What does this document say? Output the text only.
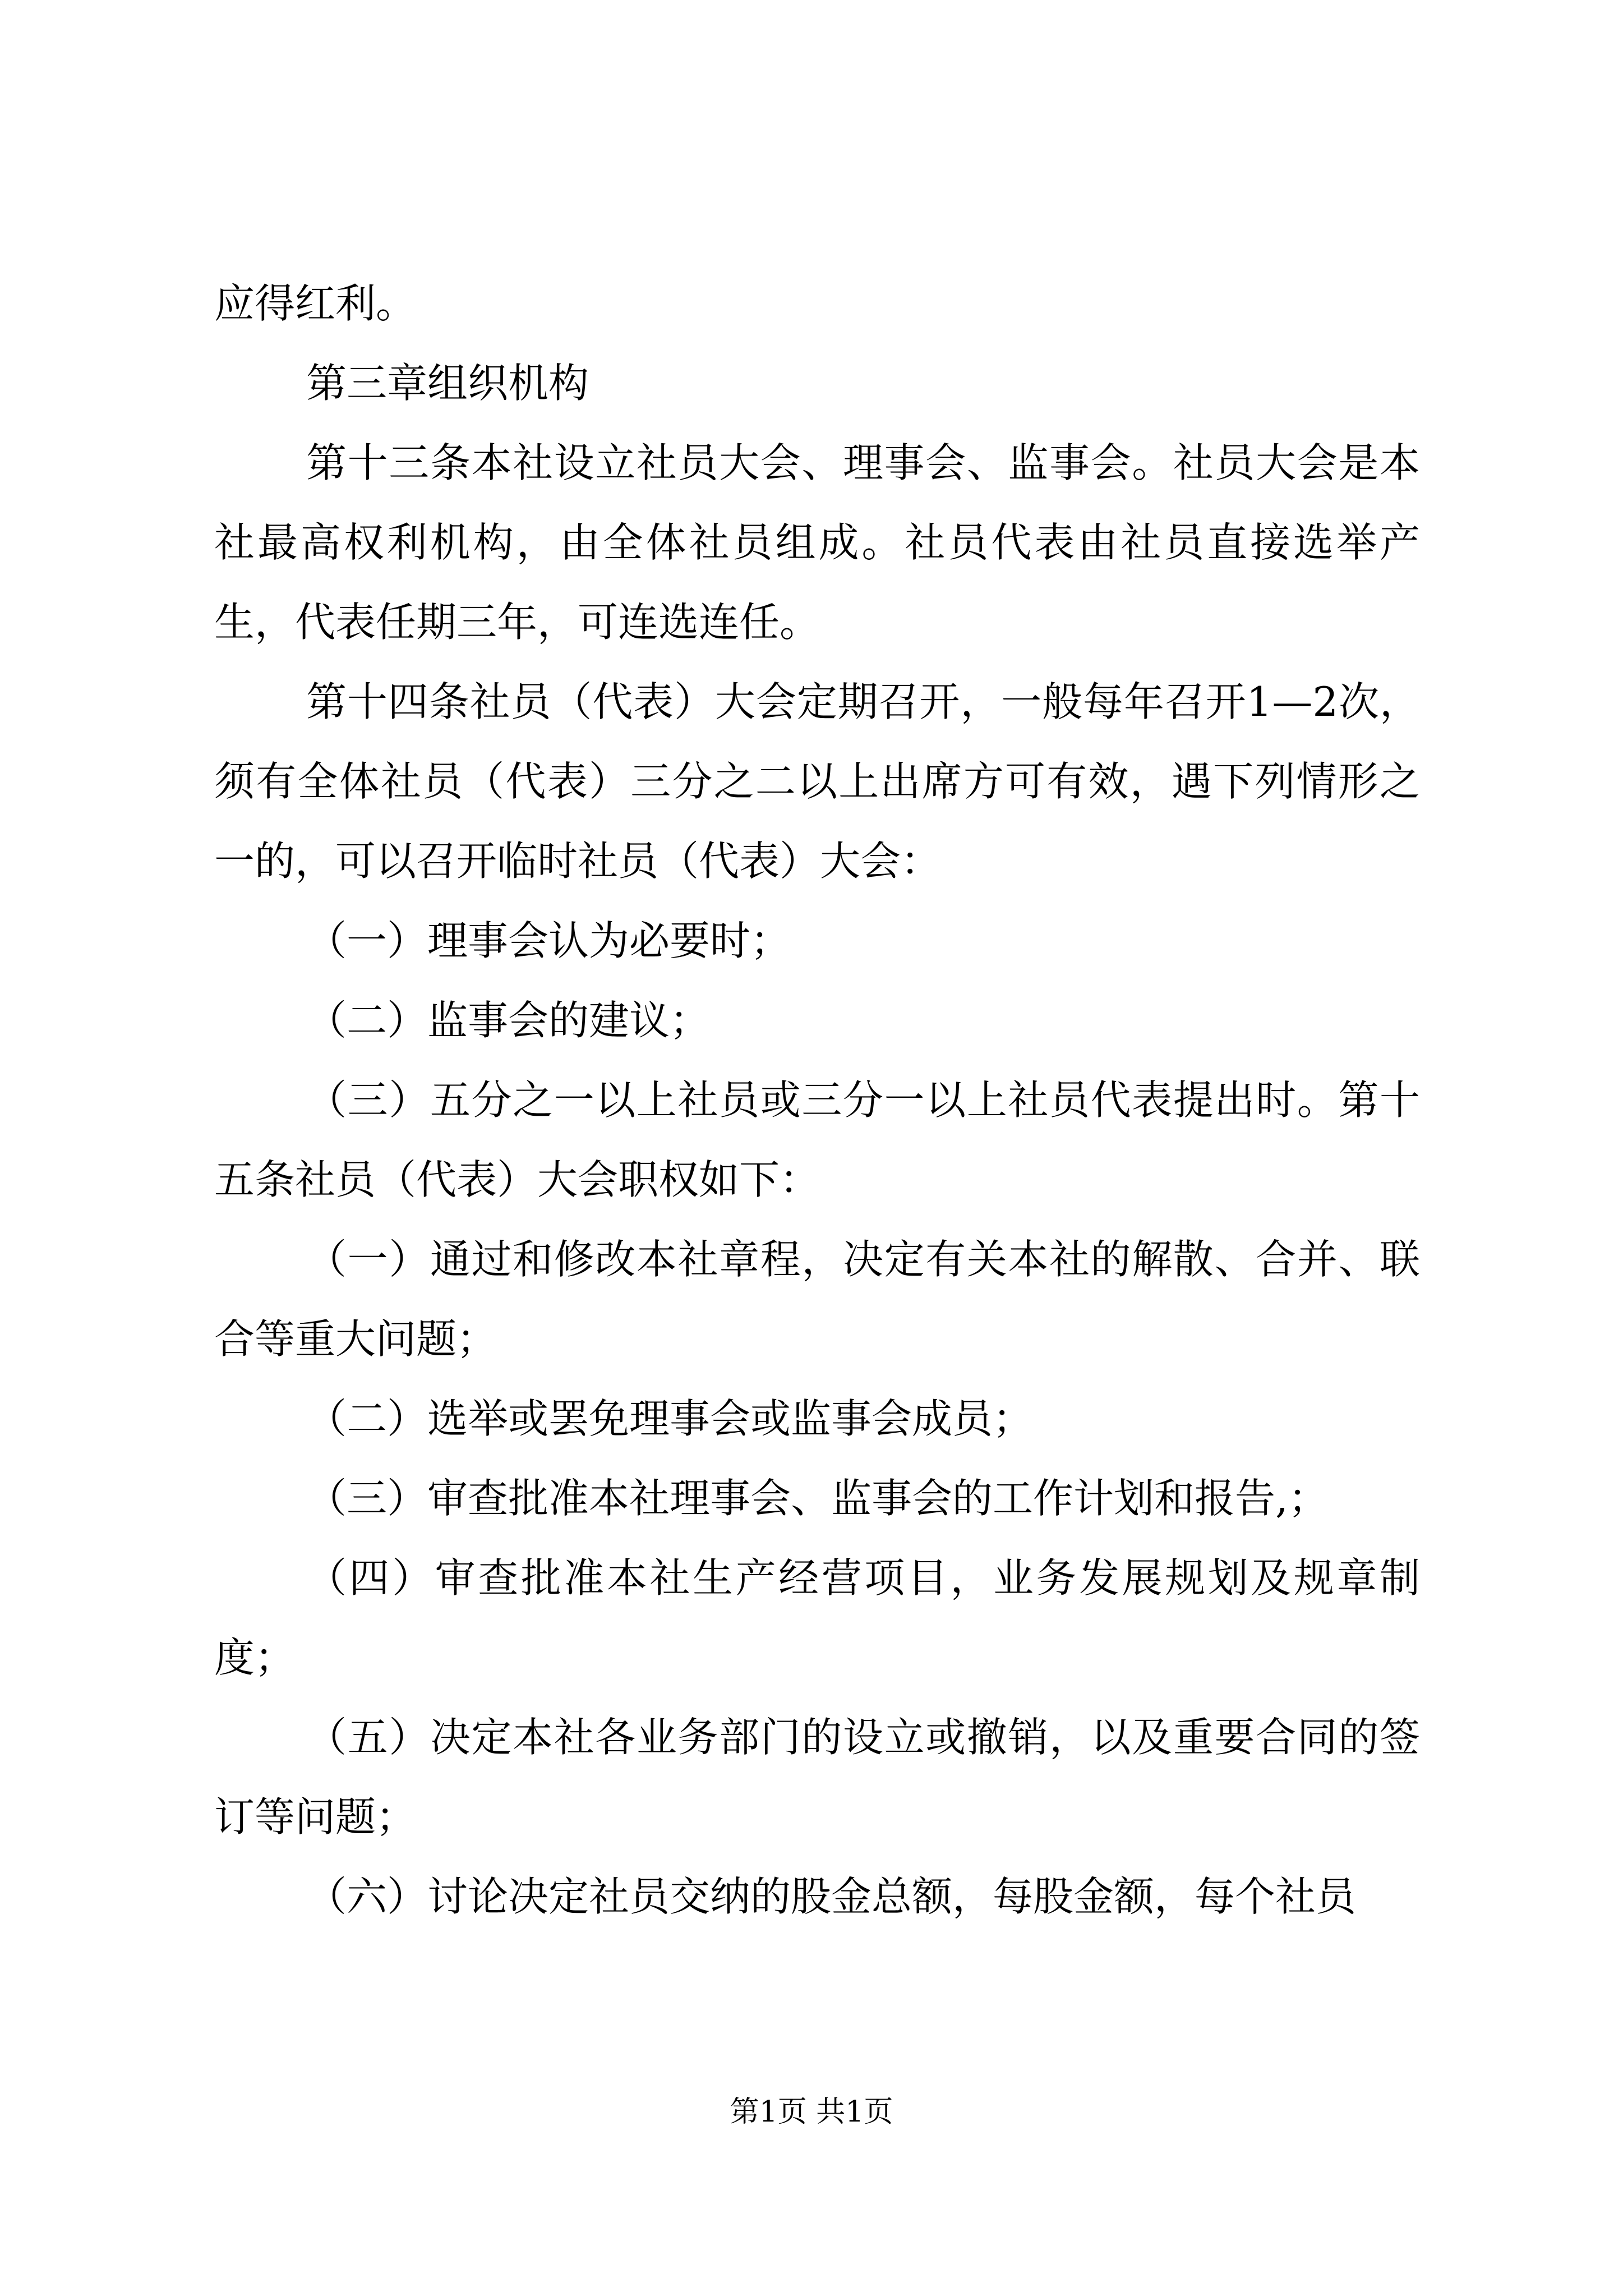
应得红利。

第三章组织机构

第十三条本社设立社员大会、理事会、监事会。社员大会是本社最高权利机构，由全体社员组成。社员代表由社员直接选举产生，代表任期三年，可连选连任。

第十四条社员（代表）大会定期召开，一般每年召开1—2次，须有全体社员（代表）三分之二以上出席方可有效，遇下列情形之一的，可以召开临时社员（代表）大会：

（一）理事会认为必要时；

（二）监事会的建议；

（三）五分之一以上社员或三分一以上社员代表提出时。第十五条社员（代表）大会职权如下：

（一）通过和修改本社章程，决定有关本社的解散、合并、联合等重大问题；

（二）选举或罢免理事会或监事会成员；

（三）审查批准本社理事会、监事会的工作计划和报告,；

（四）审查批准本社生产经营项目，业务发展规划及规章制度；

（五）决定本社各业务部门的设立或撤销，以及重要合同的签订等问题；

（六）讨论决定社员交纳的股金总额，每股金额，每个社员

第1页 共1页
